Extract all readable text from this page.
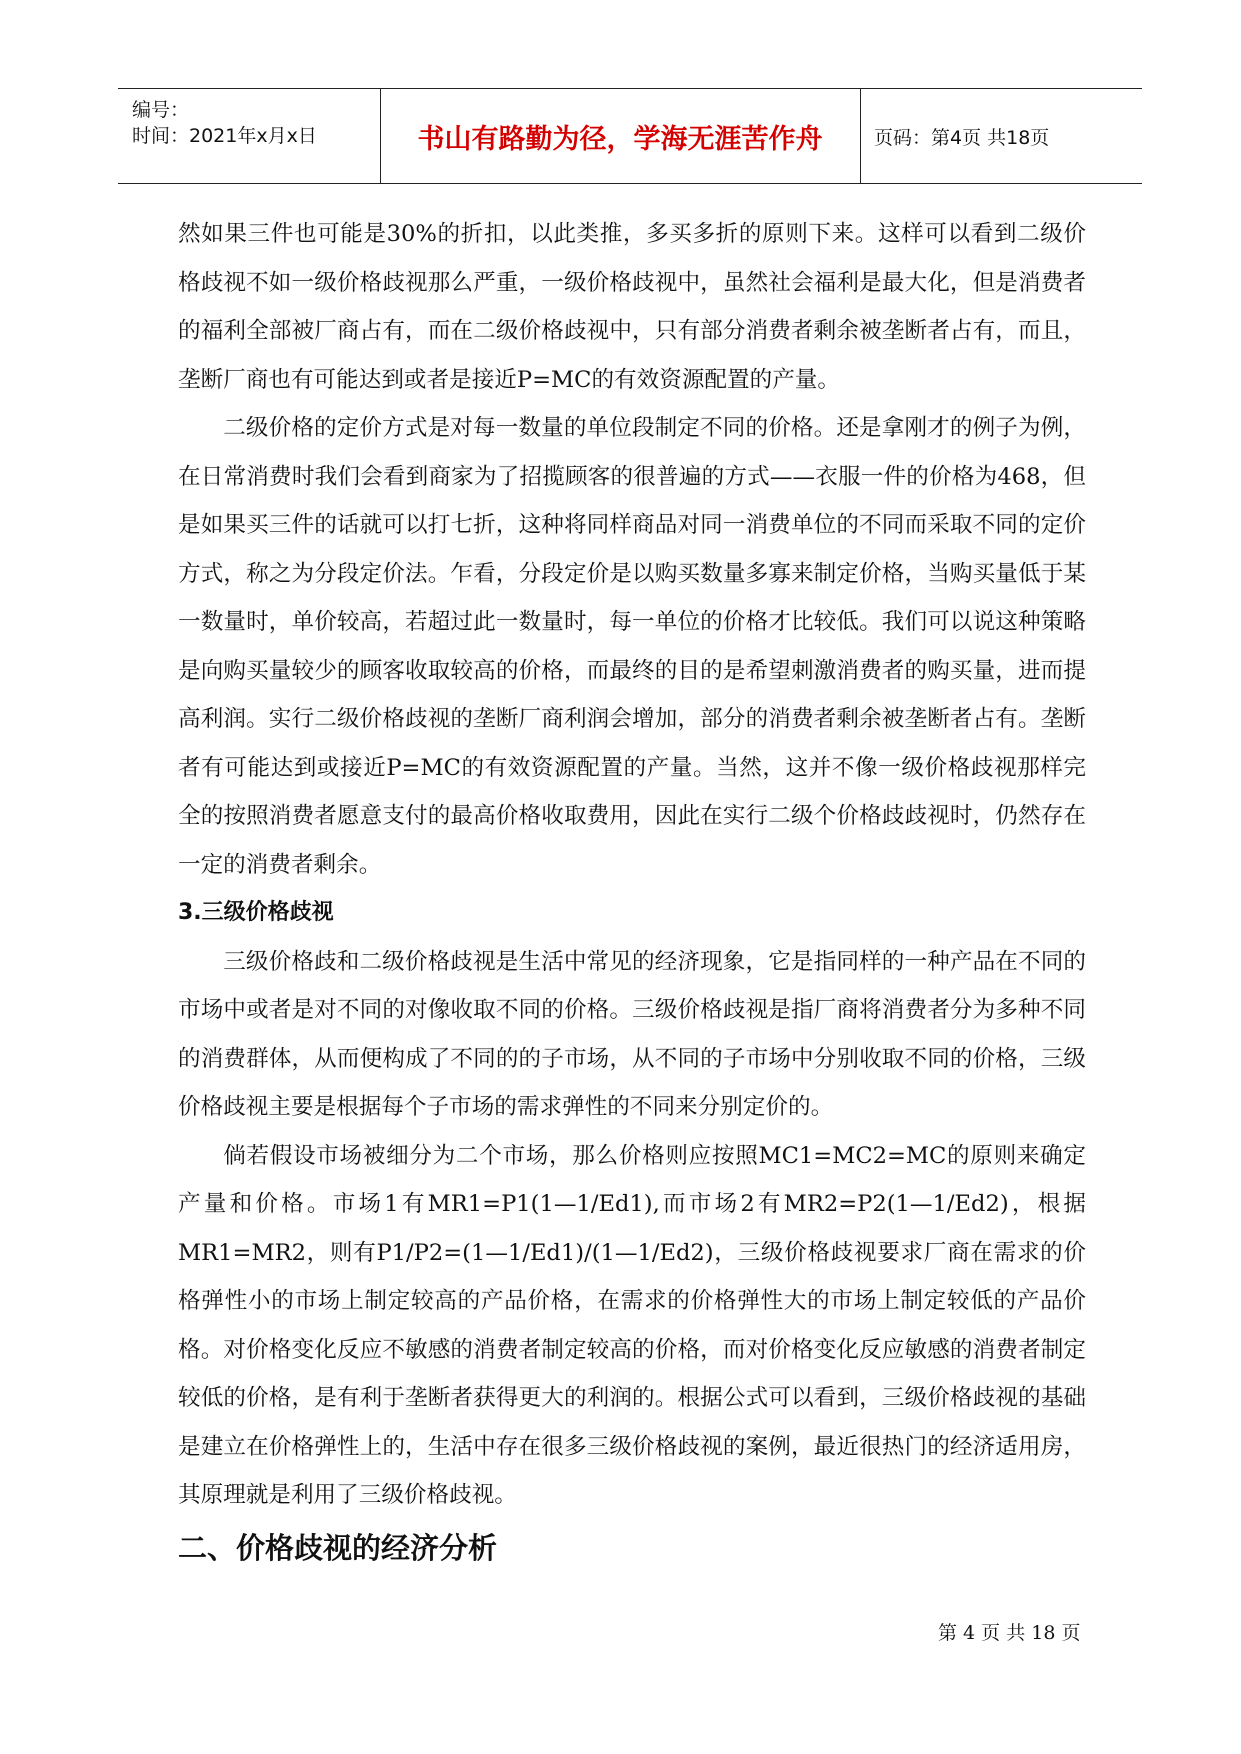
编号：
时间：2021年x月x日	书山有路勤为径，学海无涯苦作舟	页码：第4页 共18页

然如果三件也可能是30%的折扣，以此类推，多买多折的原则下来。这样可以看到二级价格歧视不如一级价格歧视那么严重，一级价格歧视中，虽然社会福利是最大化，但是消费者的福利全部被厂商占有，而在二级价格歧视中，只有部分消费者剩余被垄断者占有，而且，垄断厂商也有可能达到或者是接近P=MC的有效资源配置的产量。

二级价格的定价方式是对每一数量的单位段制定不同的价格。还是拿刚才的例子为例，在日常消费时我们会看到商家为了招揽顾客的很普遍的方式——衣服一件的价格为468，但是如果买三件的话就可以打七折，这种将同样商品对同一消费单位的不同而采取不同的定价方式，称之为分段定价法。乍看，分段定价是以购买数量多寡来制定价格，当购买量低于某一数量时，单价较高，若超过此一数量时，每一单位的价格才比较低。我们可以说这种策略是向购买量较少的顾客收取较高的价格，而最终的目的是希望刺激消费者的购买量，进而提高利润。实行二级价格歧视的垄断厂商利润会增加，部分的消费者剩余被垄断者占有。垄断者有可能达到或接近P=MC的有效资源配置的产量。当然，这并不像一级价格歧视那样完全的按照消费者愿意支付的最高价格收取费用，因此在实行二级个价格歧歧视时，仍然存在一定的消费者剩余。

3.三级价格歧视

三级价格歧和二级价格歧视是生活中常见的经济现象，它是指同样的一种产品在不同的市场中或者是对不同的对像收取不同的价格。三级价格歧视是指厂商将消费者分为多种不同的消费群体，从而便构成了不同的的子市场，从不同的子市场中分别收取不同的价格，三级价格歧视主要是根据每个子市场的需求弹性的不同来分别定价的。

倘若假设市场被细分为二个市场，那么价格则应按照MC1=MC2=MC的原则来确定产量和价格。市场1有MR1=P1(1—1/Ed1),而市场2有MR2=P2(1—1/Ed2)，根据MR1=MR2，则有P1/P2=(1—1/Ed1)/(1—1/Ed2)，三级价格歧视要求厂商在需求的价格弹性小的市场上制定较高的产品价格，在需求的价格弹性大的市场上制定较低的产品价格。对价格变化反应不敏感的消费者制定较高的价格，而对价格变化反应敏感的消费者制定较低的价格，是有利于垄断者获得更大的利润的。根据公式可以看到，三级价格歧视的基础是建立在价格弹性上的，生活中存在很多三级价格歧视的案例，最近很热门的经济适用房，其原理就是利用了三级价格歧视。

二、价格歧视的经济分析

第 4 页 共 18 页
